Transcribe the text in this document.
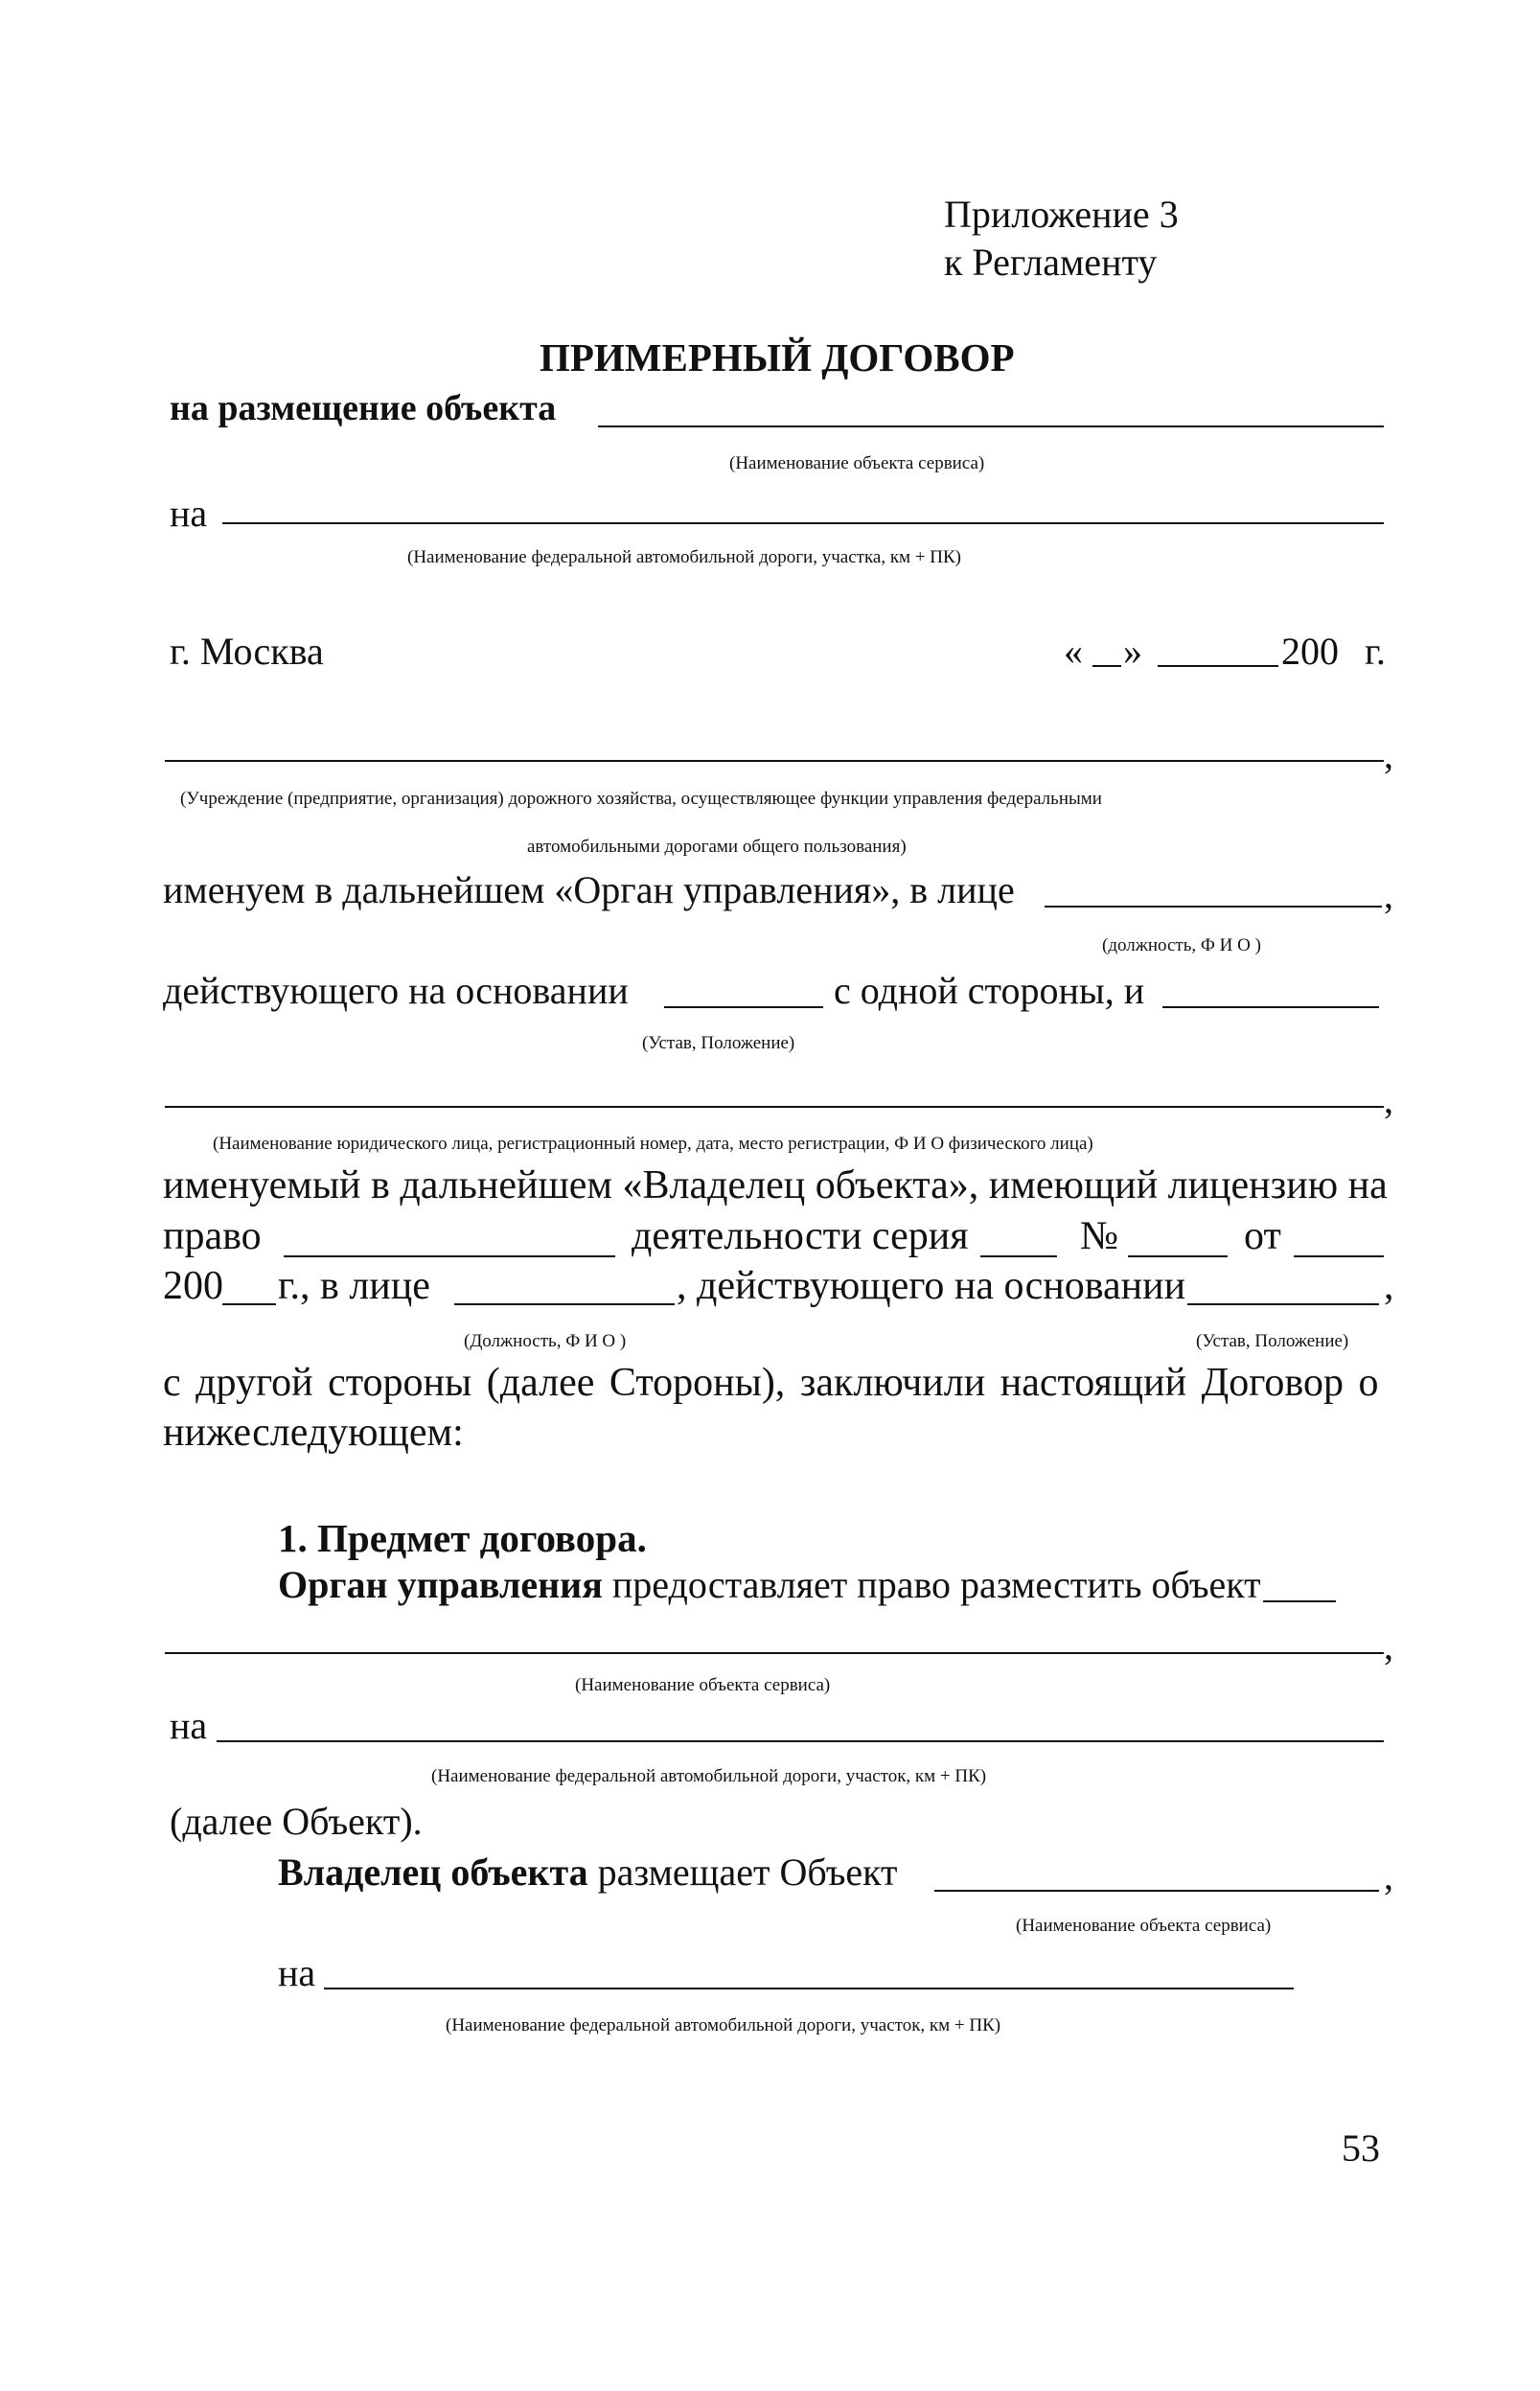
Приложение 3
к Регламенту
ПРИМЕРНЫЙ ДОГОВОР
на размещение объекта
(Наименование объекта сервиса)
на
(Наименование федеральной автомобильной дороги, участка, км + ПК)
г. Москва	« »	200 г.
,
(Учреждение (предприятие, организация) дорожного хозяйства, осуществляющее функции управления федеральными
автомобильными дорогами общего пользования)
именуем в дальнейшем «Орган управления», в лице	,
(должность, Ф И О )
действующего на основании	с одной стороны, и
(Устав, Положение)
,
(Наименование юридического лица, регистрационный номер, дата, место регистрации, Ф И О физического лица)
именуемый в дальнейшем «Владелец объекта», имеющий лицензию на
право	деятельности серия	№	от
200 г., в лице	, действующего на основании	,
(Должность, Ф И О )	(Устав, Положение)
с другой стороны (далее Стороны), заключили настоящий Договор о
нижеследующем:
1. Предмет договора.
Орган управления предоставляет право разместить объект
,
(Наименование объекта сервиса)
на
(Наименование федеральной автомобильной дороги, участок, км + ПК)
(далее Объект).
Владелец объекта размещает Объект	,
(Наименование объекта сервиса)
на
(Наименование федеральной автомобильной дороги, участок, км + ПК)
53
